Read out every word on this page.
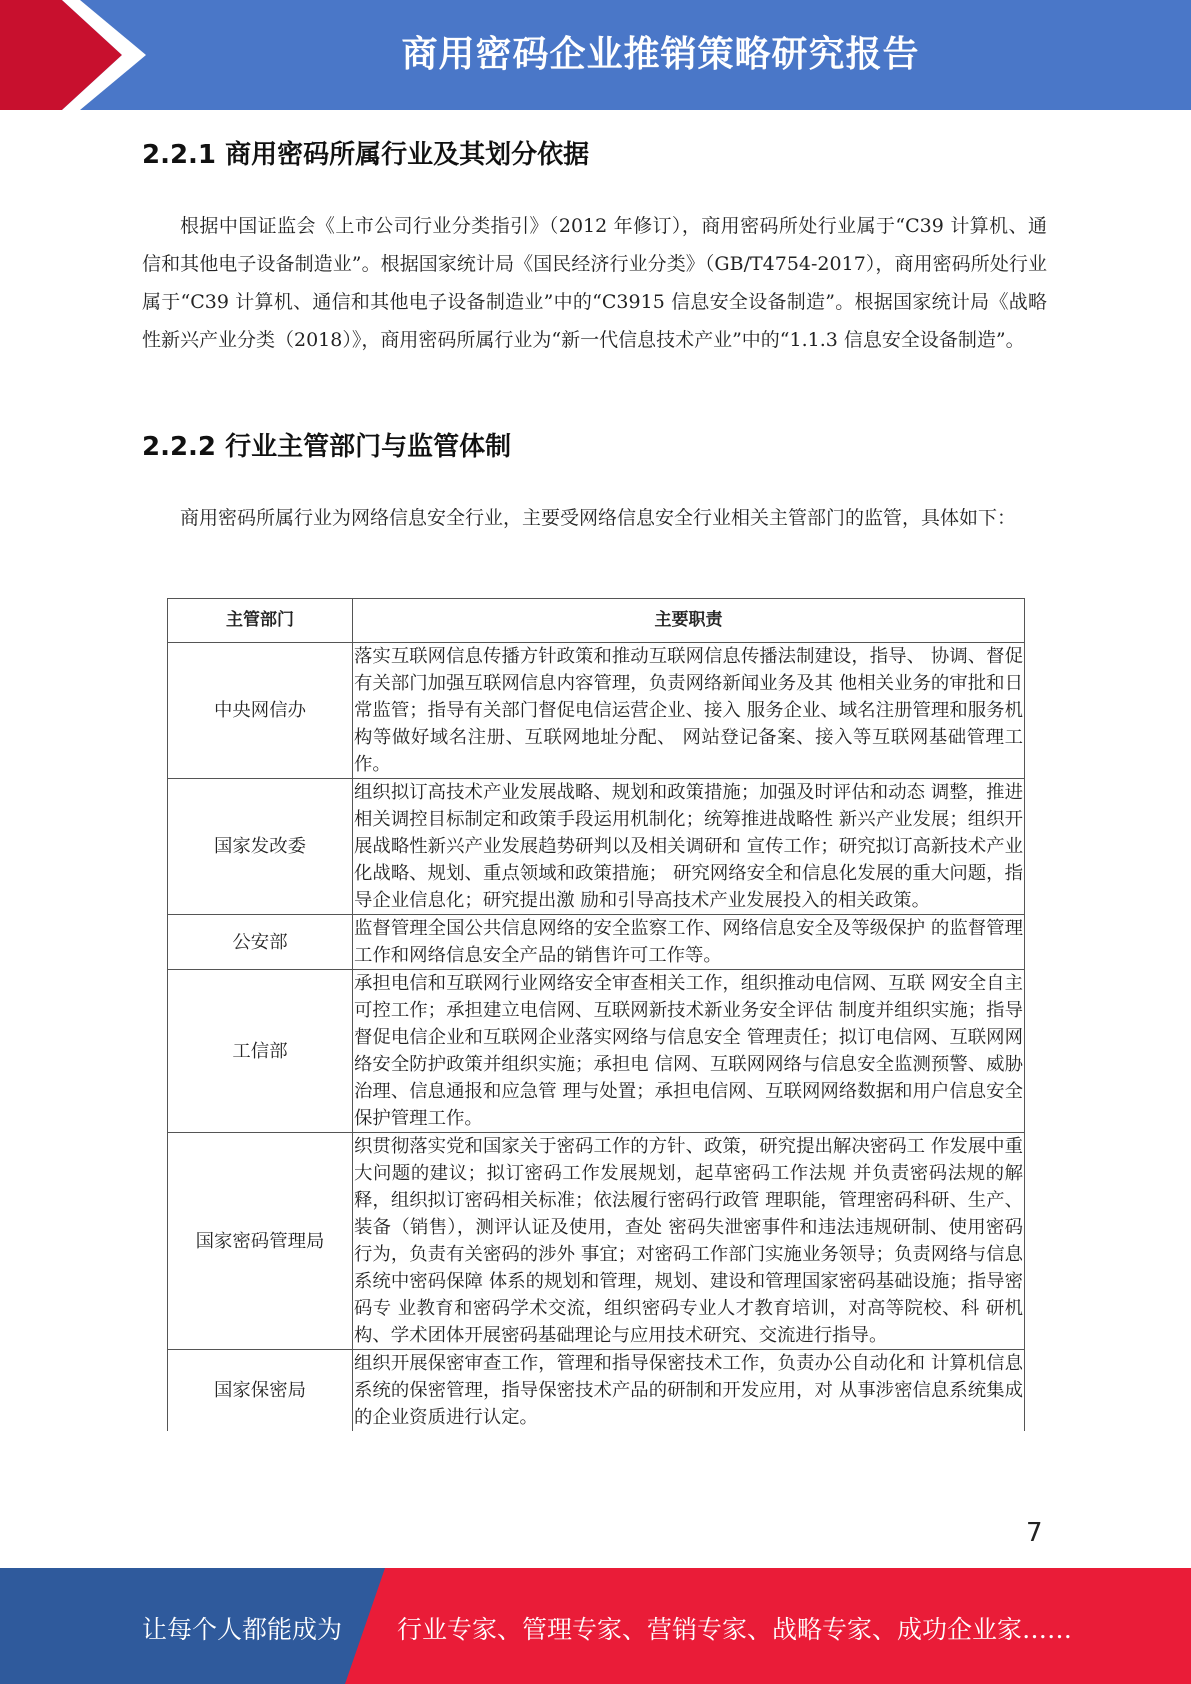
商用密码企业推销策略研究报告
2.2.1 商用密码所属行业及其划分依据

根据中国证监会《上市公司行业分类指引》（2012 年修订），商用密码所处行业属于“C39 计算机、通信和其他电子设备制造业”。根据国家统计局《国民经济行业分类》（GB/T4754-2017），商用密码所处行业属于“C39 计算机、通信和其他电子设备制造业”中的“C3915 信息安全设备制造”。根据国家统计局《战略性新兴产业分类（2018）》，商用密码所属行业为“新一代信息技术产业”中的“1.1.3 信息安全设备制造”。

2.2.2 行业主管部门与监管体制

商用密码所属行业为网络信息安全行业，主要受网络信息安全行业相关主管部门的监管，具体如下：

主管部门	主要职责
中央网信办	落实互联网信息传播方针政策和推动互联网信息传播法制建设，指导、 协调、督促有关部门加强互联网信息内容管理，负责网络新闻业务及其 他相关业务的审批和日常监管；指导有关部门督促电信运营企业、接入 服务企业、域名注册管理和服务机构等做好域名注册、互联网地址分配、 网站登记备案、接入等互联网基础管理工作。
国家发改委	组织拟订高技术产业发展战略、规划和政策措施；加强及时评估和动态 调整，推进相关调控目标制定和政策手段运用机制化；统筹推进战略性 新兴产业发展；组织开展战略性新兴产业发展趋势研判以及相关调研和 宣传工作；研究拟订高新技术产业化战略、规划、重点领域和政策措施； 研究网络安全和信息化发展的重大问题，指导企业信息化；研究提出激 励和引导高技术产业发展投入的相关政策。
公安部	监督管理全国公共信息网络的安全监察工作、网络信息安全及等级保护 的监督管理工作和网络信息安全产品的销售许可工作等。
工信部	承担电信和互联网行业网络安全审查相关工作，组织推动电信网、互联 网安全自主可控工作；承担建立电信网、互联网新技术新业务安全评估 制度并组织实施；指导督促电信企业和互联网企业落实网络与信息安全 管理责任；拟订电信网、互联网网络安全防护政策并组织实施；承担电 信网、互联网网络与信息安全监测预警、威胁治理、信息通报和应急管 理与处置；承担电信网、互联网网络数据和用户信息安全保护管理工作。
国家密码管理局	织贯彻落实党和国家关于密码工作的方针、政策，研究提出解决密码工 作发展中重大问题的建议；拟订密码工作发展规划，起草密码工作法规 并负责密码法规的解释，组织拟订密码相关标准；依法履行密码行政管 理职能，管理密码科研、生产、装备（销售），测评认证及使用，查处 密码失泄密事件和违法违规研制、使用密码行为，负责有关密码的涉外 事宜；对密码工作部门实施业务领导；负责网络与信息系统中密码保障 体系的规划和管理，规划、建设和管理国家密码基础设施；指导密码专 业教育和密码学术交流，组织密码专业人才教育培训，对高等院校、科 研机构、学术团体开展密码基础理论与应用技术研究、交流进行指导。
国家保密局	组织开展保密审查工作，管理和指导保密技术工作，负责办公自动化和 计算机信息系统的保密管理，指导保密技术产品的研制和开发应用，对 从事涉密信息系统集成的企业资质进行认定。
7
让每个人都能成为 行业专家、管理专家、营销专家、战略专家、成功企业家……
